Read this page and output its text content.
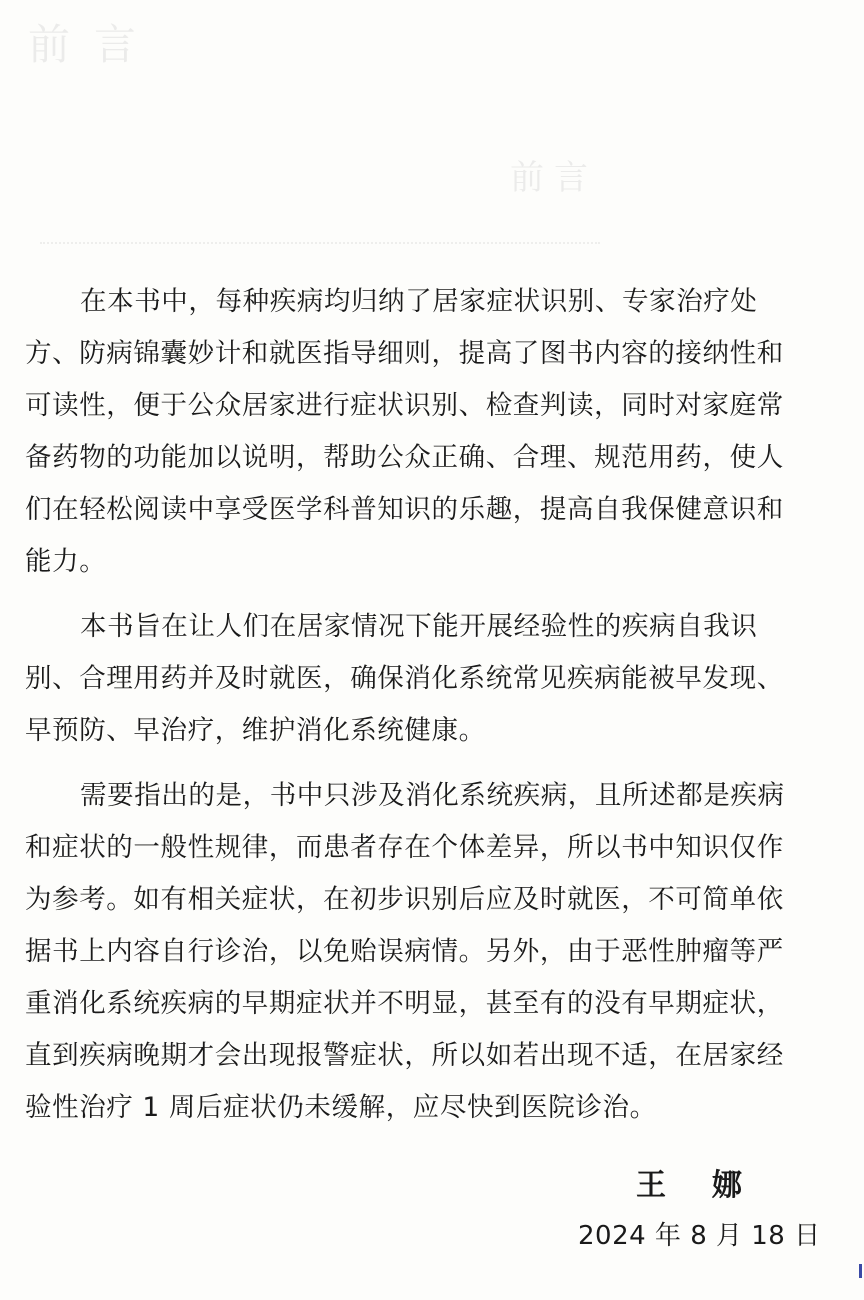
前言
前言

在本书中，每种疾病均归纳了居家症状识别、专家治疗处
方、防病锦囊妙计和就医指导细则，提高了图书内容的接纳性和
可读性，便于公众居家进行症状识别、检查判读，同时对家庭常
备药物的功能加以说明，帮助公众正确、合理、规范用药，使人
们在轻松阅读中享受医学科普知识的乐趣，提高自我保健意识和
能力。

本书旨在让人们在居家情况下能开展经验性的疾病自我识
别、合理用药并及时就医，确保消化系统常见疾病能被早发现、
早预防、早治疗，维护消化系统健康。

需要指出的是，书中只涉及消化系统疾病，且所述都是疾病
和症状的一般性规律，而患者存在个体差异，所以书中知识仅作
为参考。如有相关症状，在初步识别后应及时就医，不可简单依
据书上内容自行诊治，以免贻误病情。另外，由于恶性肿瘤等严
重消化系统疾病的早期症状并不明显，甚至有的没有早期症状，
直到疾病晚期才会出现报警症状，所以如若出现不适，在居家经
验性治疗 1 周后症状仍未缓解，应尽快到医院诊治。

王娜
2024 年 8 月 18 日
